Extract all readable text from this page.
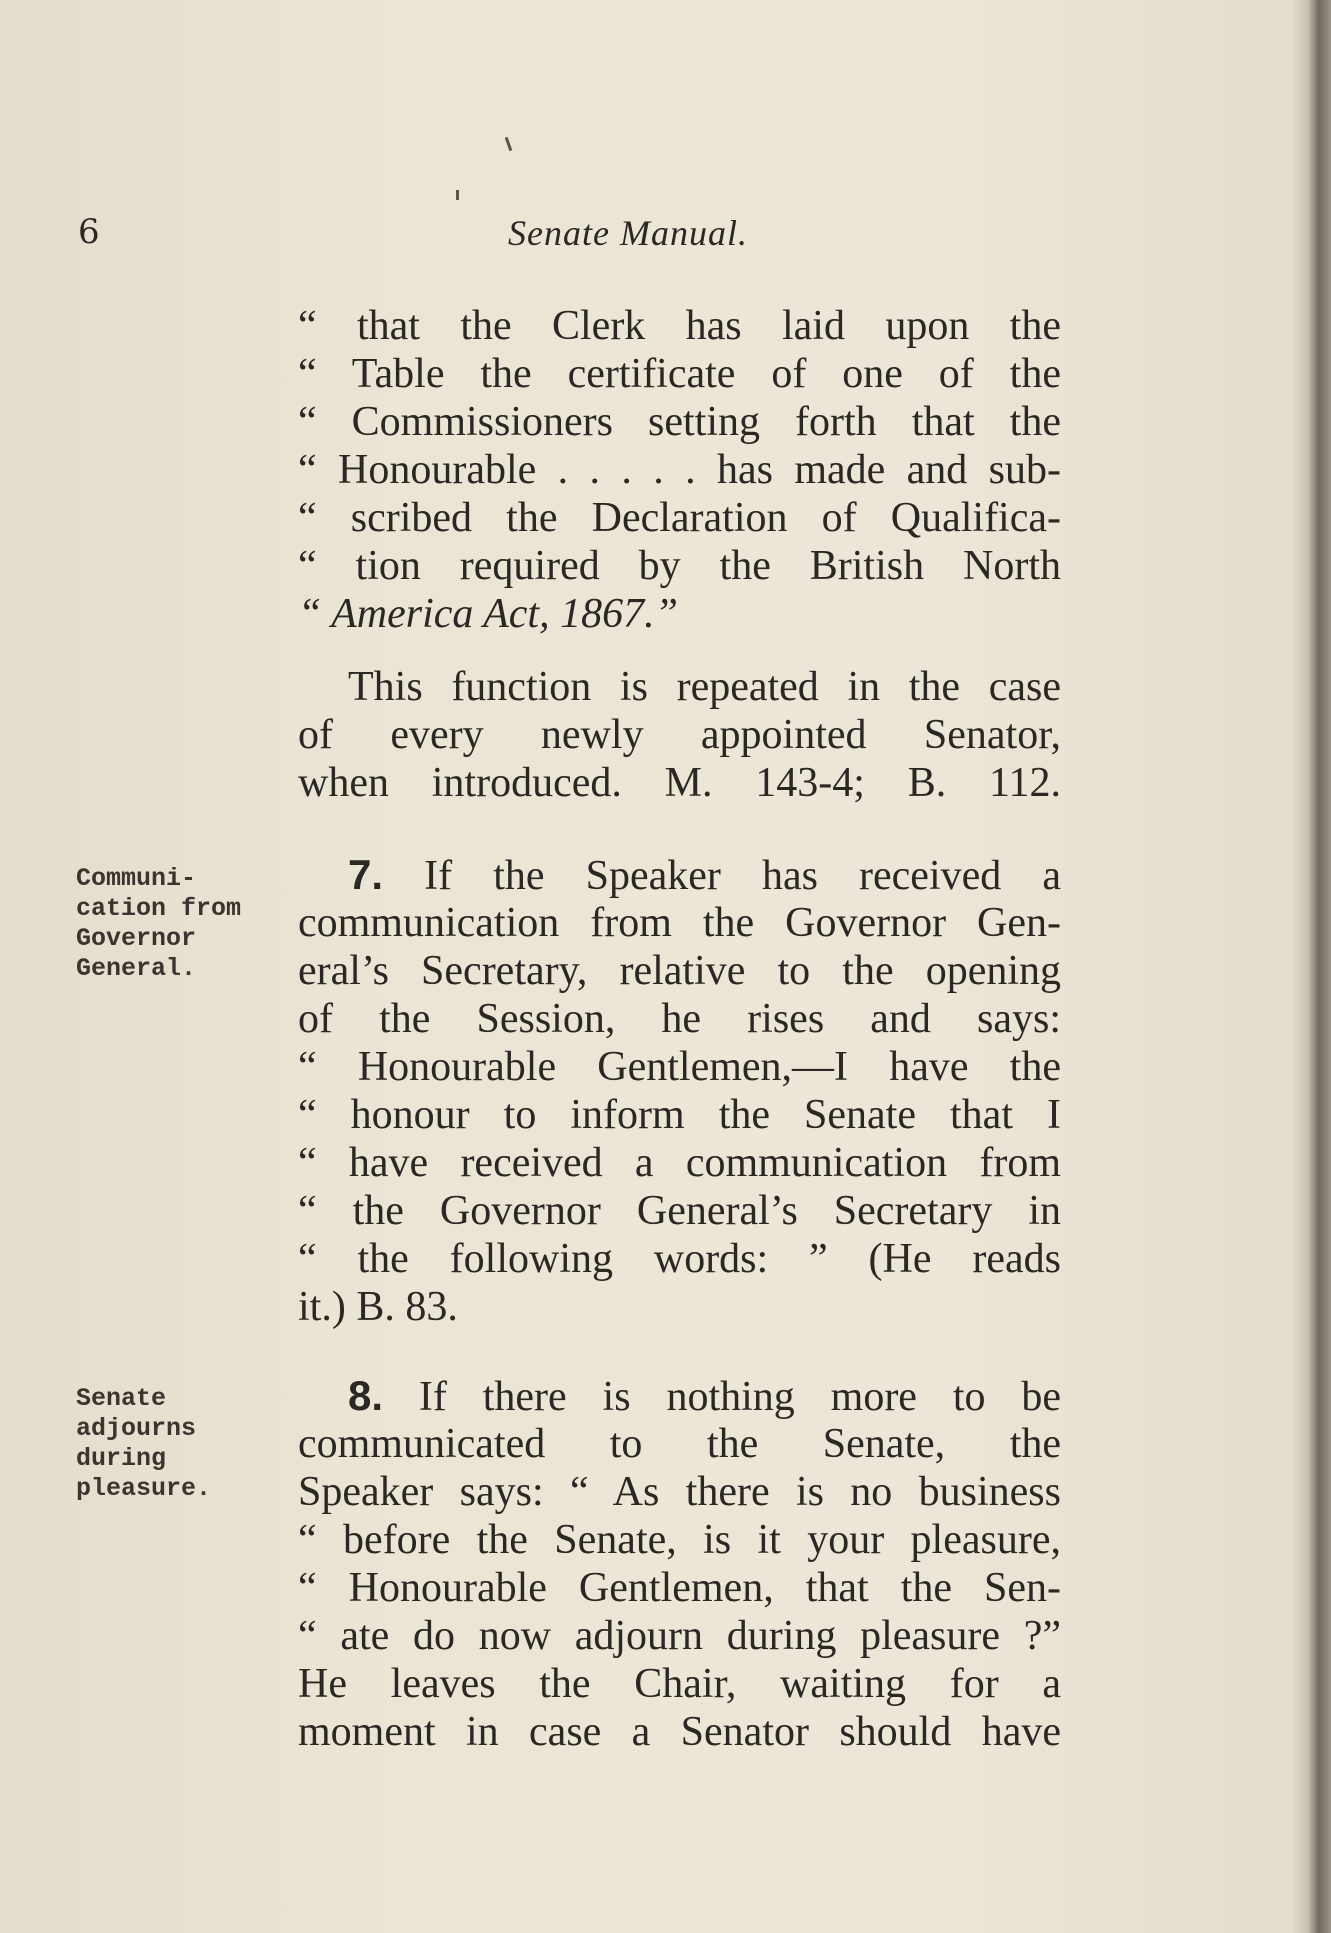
6	Senate Manual.
“ that the Clerk has laid upon the
“ Table the certificate of one of the
“ Commissioners setting forth that the
“ Honourable . . . . . has made and sub-
“ scribed the Declaration of Qualifica-
“ tion required by the British North
“ America Act, 1867.”
This function is repeated in the case
of every newly appointed Senator,
when introduced. M. 143-4; B. 112.
Communi-
cation from
Governor
General.
7. If the Speaker has received a
communication from the Governor Gen-
eral’s Secretary, relative to the opening
of the Session, he rises and says:
“ Honourable Gentlemen,—I have the
“ honour to inform the Senate that I
“ have received a communication from
“ the Governor General’s Secretary in
“ the following words: ” (He reads
it.) B. 83.
Senate
adjourns
during
pleasure.
8. If there is nothing more to be
communicated to the Senate, the
Speaker says: “ As there is no business
“ before the Senate, is it your pleasure,
“ Honourable Gentlemen, that the Sen-
“ ate do now adjourn during pleasure ?”
He leaves the Chair, waiting for a
moment in case a Senator should have
